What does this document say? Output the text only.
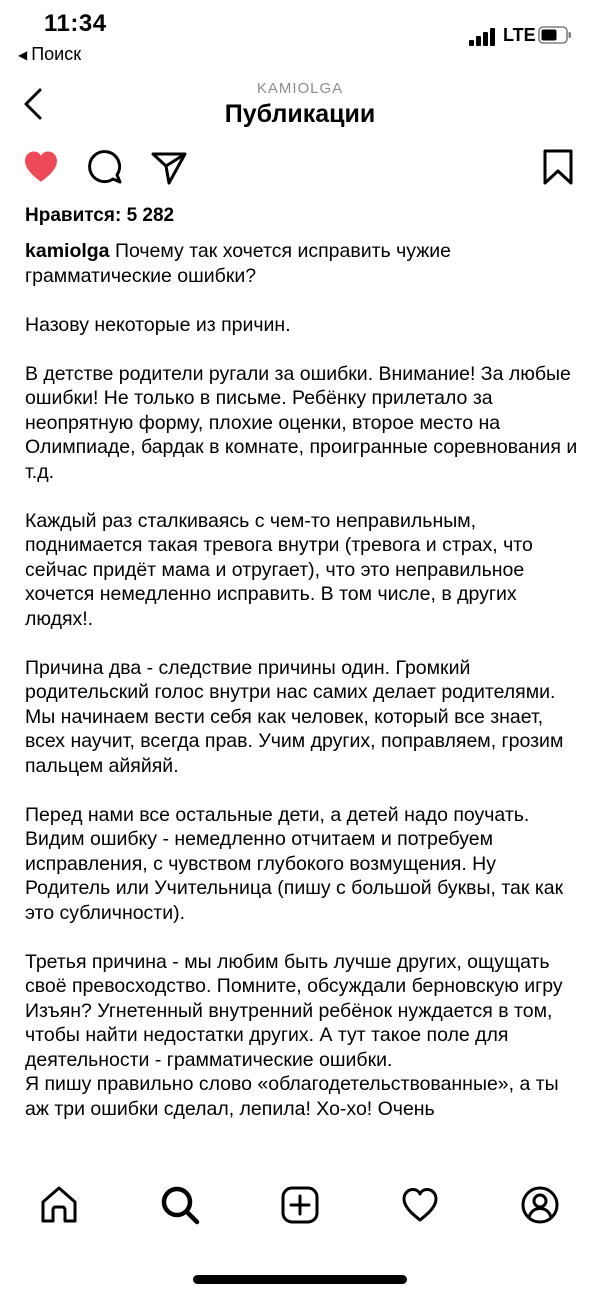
11:34
◀ Поиск
LTE
KAMIOLGA
Публикации
Нравится: 5 282

kamiolga Почему так хочется исправить чужие грамматические ошибки?

Назову некоторые из причин.

В детстве родители ругали за ошибки. Внимание! За любые ошибки! Не только в письме. Ребёнку прилетало за неопрятную форму, плохие оценки, второе место на Олимпиаде, бардак в комнате, проигранные соревнования и т.д.

Каждый раз сталкиваясь с чем-то неправильным, поднимается такая тревога внутри (тревога и страх, что сейчас придёт мама и отругает), что это неправильное хочется немедленно исправить. В том числе, в других людях!.

Причина два - следствие причины один. Громкий родительский голос внутри нас самих делает родителями. Мы начинаем вести себя как человек, который все знает, всех научит, всегда прав. Учим других, поправляем, грозим пальцем айяйяй.

Перед нами все остальные дети, а детей надо поучать. Видим ошибку - немедленно отчитаем и потребуем исправления, с чувством глубокого возмущения. Ну Родитель или Учительница (пишу с большой буквы, так как это субличности).

Третья причина - мы любим быть лучше других, ощущать своё превосходство. Помните, обсуждали берновскую игру Изъян? Угнетенный внутренний ребёнок нуждается в том, чтобы найти недостатки других. А тут такое поле для деятельности - грамматические ошибки.

Я пишу правильно слово «облагодетельствованные», а ты аж три ошибки сделал, лепила! Хо-хо! Очень
